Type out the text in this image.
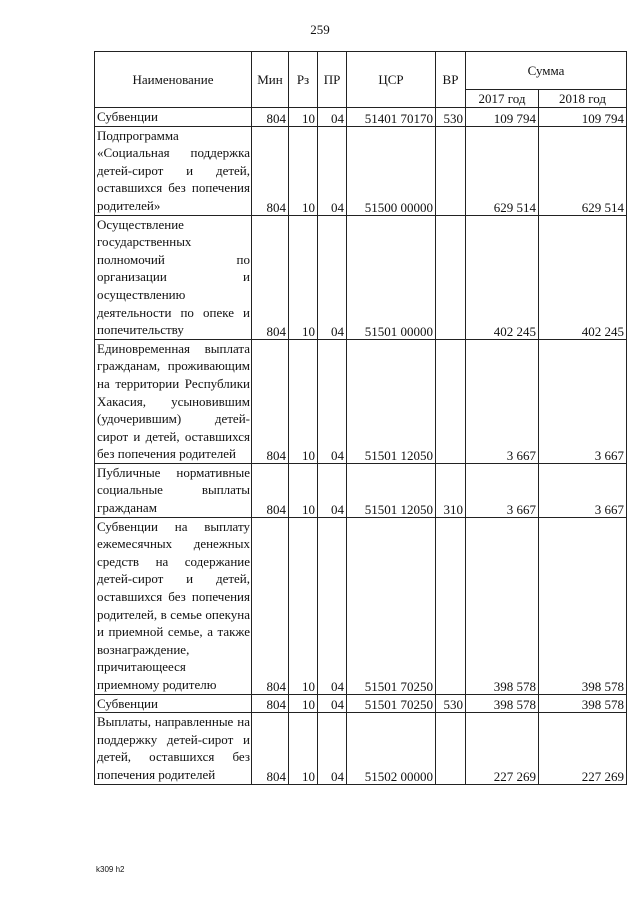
259
Наименование	Мин	Рз	ПР	ЦСР	ВР	Сумма	
						2017 год	2018 год
Субвенции	804	10	04	51401 70170	530	109 794	109 794
Подпрограмма «Социальная поддержка детей-сирот и детей, оставшихся без попечения родителей»	804	10	04	51500 00000		629 514	629 514
Осуществление государственных полномочий по организации и осуществлению деятельности по опеке и попечительству	804	10	04	51501 00000		402 245	402 245
Единовременная выплата гражданам, проживающим на территории Республики Хакасия, усыновившим (удочерившим) детей-сирот и детей, оставшихся без попечения родителей	804	10	04	51501 12050		3 667	3 667
Публичные нормативные социальные выплаты гражданам	804	10	04	51501 12050	310	3 667	3 667
Субвенции на выплату ежемесячных денежных средств на содержание детей-сирот и детей, оставшихся без попечения родителей, в семье опекуна и приемной семье, а также вознаграждение, причитающееся приемному родителю	804	10	04	51501 70250		398 578	398 578
Субвенции	804	10	04	51501 70250	530	398 578	398 578
Выплаты, направленные на поддержку детей-сирот и детей, оставшихся без попечения родителей	804	10	04	51502 00000		227 269	227 269
k309 h2
